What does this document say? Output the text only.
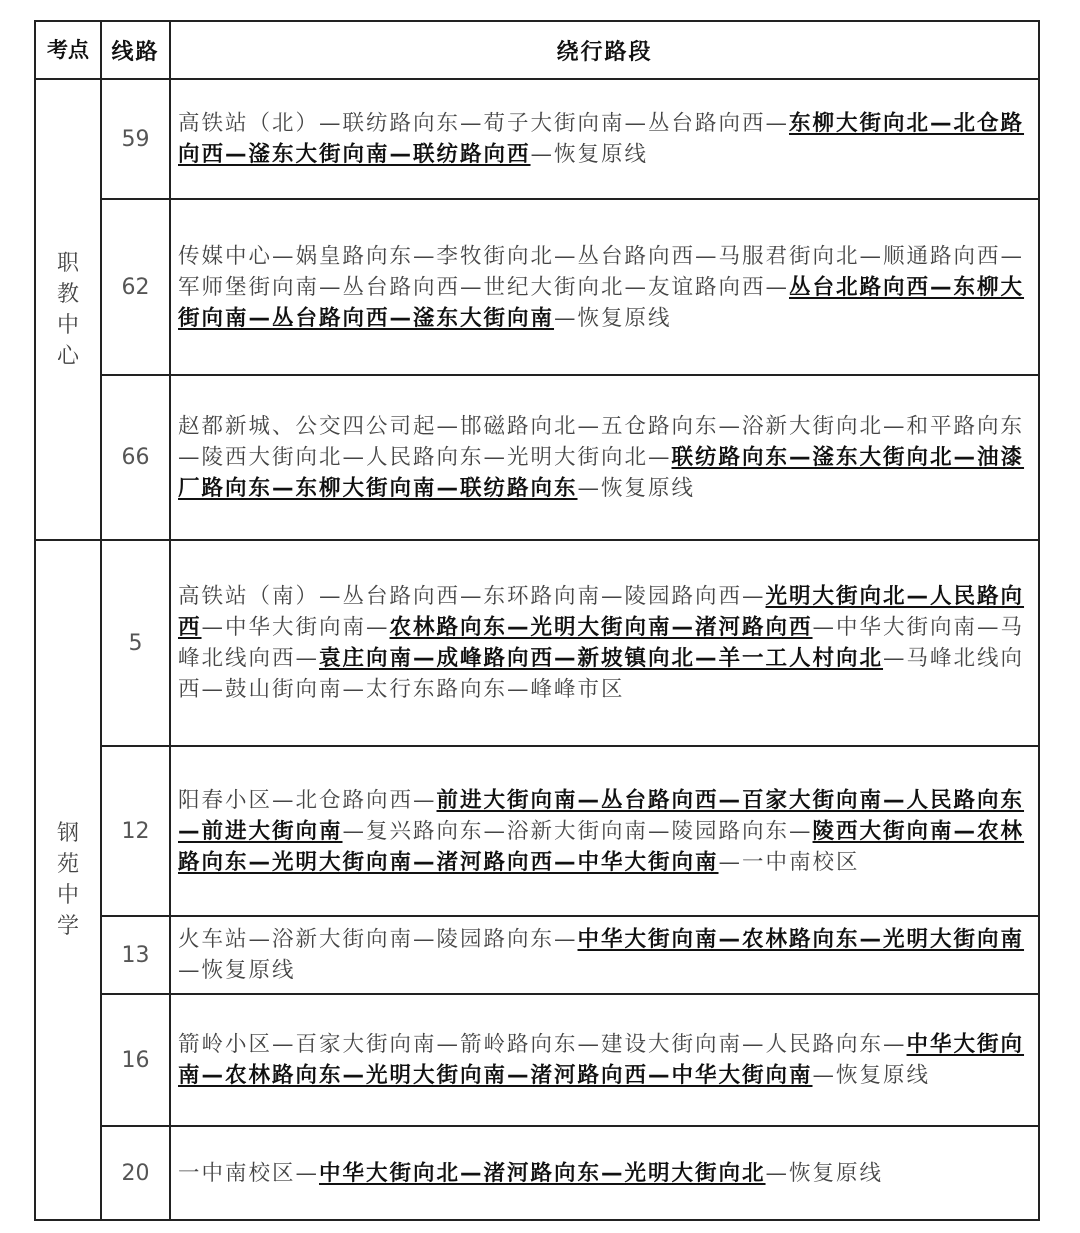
考点	线路	绕行路段

职教中心	59	高铁站（北）—联纺路向东—荀子大街向南—丛台路向西—东柳大街向北—北仓路向西—滏东大街向南—联纺路向西—恢复原线
	62	传媒中心—娲皇路向东—李牧街向北—丛台路向西—马服君街向北—顺通路向西—军师堡街向南—丛台路向西—世纪大街向北—友谊路向西—丛台北路向西—东柳大街向南—丛台路向西—滏东大街向南—恢复原线
	66	赵都新城、公交四公司起—邯磁路向北—五仓路向东—浴新大街向北—和平路向东—陵西大街向北—人民路向东—光明大街向北—联纺路向东—滏东大街向北—油漆厂路向东—东柳大街向南—联纺路向东—恢复原线

钢苑中学	5	高铁站（南）—丛台路向西—东环路向南—陵园路向西—光明大街向北—人民路向西—中华大街向南—农林路向东—光明大街向南—渚河路向西—中华大街向南—马峰北线向西—袁庄向南—成峰路向西—新坡镇向北—羊一工人村向北—马峰北线向西—鼓山街向南—太行东路向东—峰峰市区
	12	阳春小区—北仓路向西—前进大街向南—丛台路向西—百家大街向南—人民路向东—前进大街向南—复兴路向东—浴新大街向南—陵园路向东—陵西大街向南—农林路向东—光明大街向南—渚河路向西—中华大街向南—一中南校区
	13	火车站—浴新大街向南—陵园路向东—中华大街向南—农林路向东—光明大街向南—恢复原线
	16	箭岭小区—百家大街向南—箭岭路向东—建设大街向南—人民路向东—中华大街向南—农林路向东—光明大街向南—渚河路向西—中华大街向南—恢复原线
	20	一中南校区—中华大街向北—渚河路向东—光明大街向北—恢复原线
